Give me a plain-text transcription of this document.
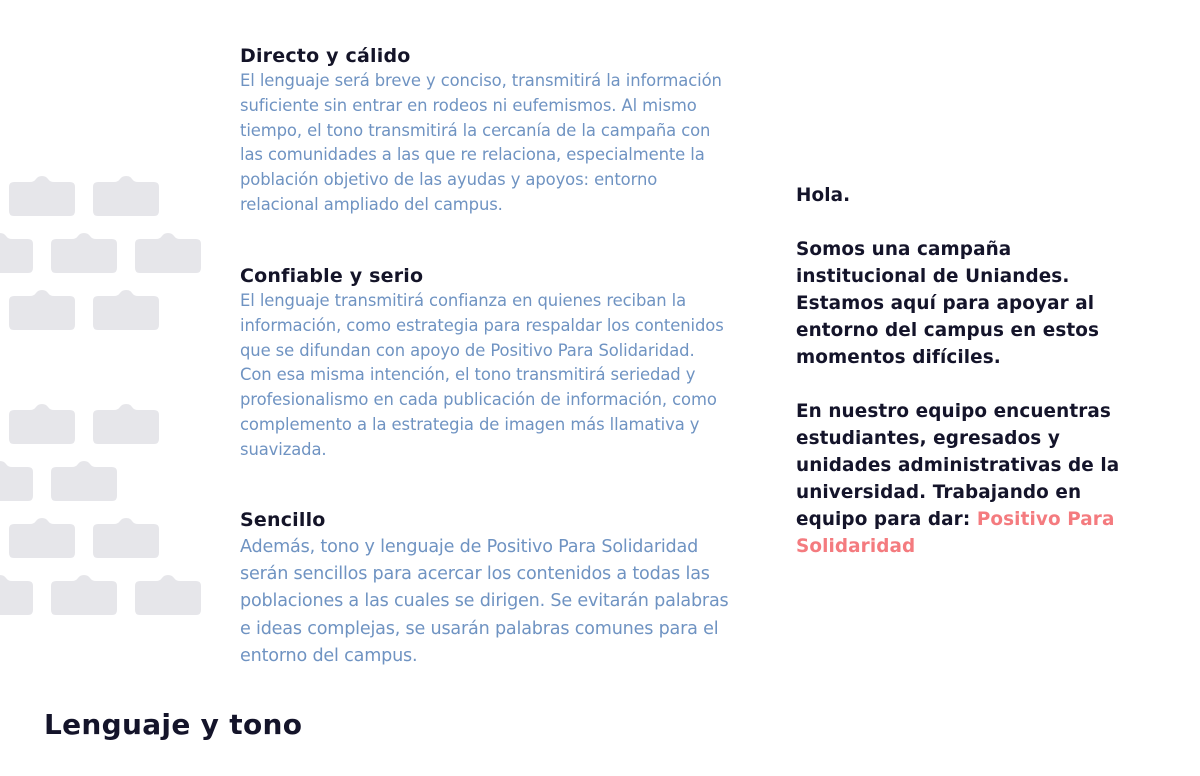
Directo y cálido

El lenguaje será breve y conciso, transmitirá la información suficiente sin entrar en rodeos ni eufemismos. Al mismo tiempo, el tono transmitirá la cercanía de la campaña con las comunidades a las que re relaciona, especialmente la población objetivo de las ayudas y apoyos: entorno relacional ampliado del campus.

Confiable y serio

El lenguaje transmitirá confianza en quienes reciban la información, como estrategia para respaldar los contenidos que se difundan con apoyo de Positivo Para Solidaridad. Con esa misma intención, el tono transmitirá seriedad y profesionalismo en cada publicación de información, como complemento a la estrategia de imagen más llamativa y suavizada.

Sencillo

Además, tono y lenguaje de Positivo Para Solidaridad serán sencillos para acercar los contenidos a todas las poblaciones a las cuales se dirigen. Se evitarán palabras e ideas complejas, se usarán palabras comunes para el entorno del campus.

Hola.

Somos una campaña institucional de Uniandes. Estamos aquí para apoyar al entorno del campus en estos momentos difíciles.

En nuestro equipo encuentras estudiantes, egresados y unidades administrativas de la universidad. Trabajando en equipo para dar: Positivo Para Solidaridad

Lenguaje y tono
